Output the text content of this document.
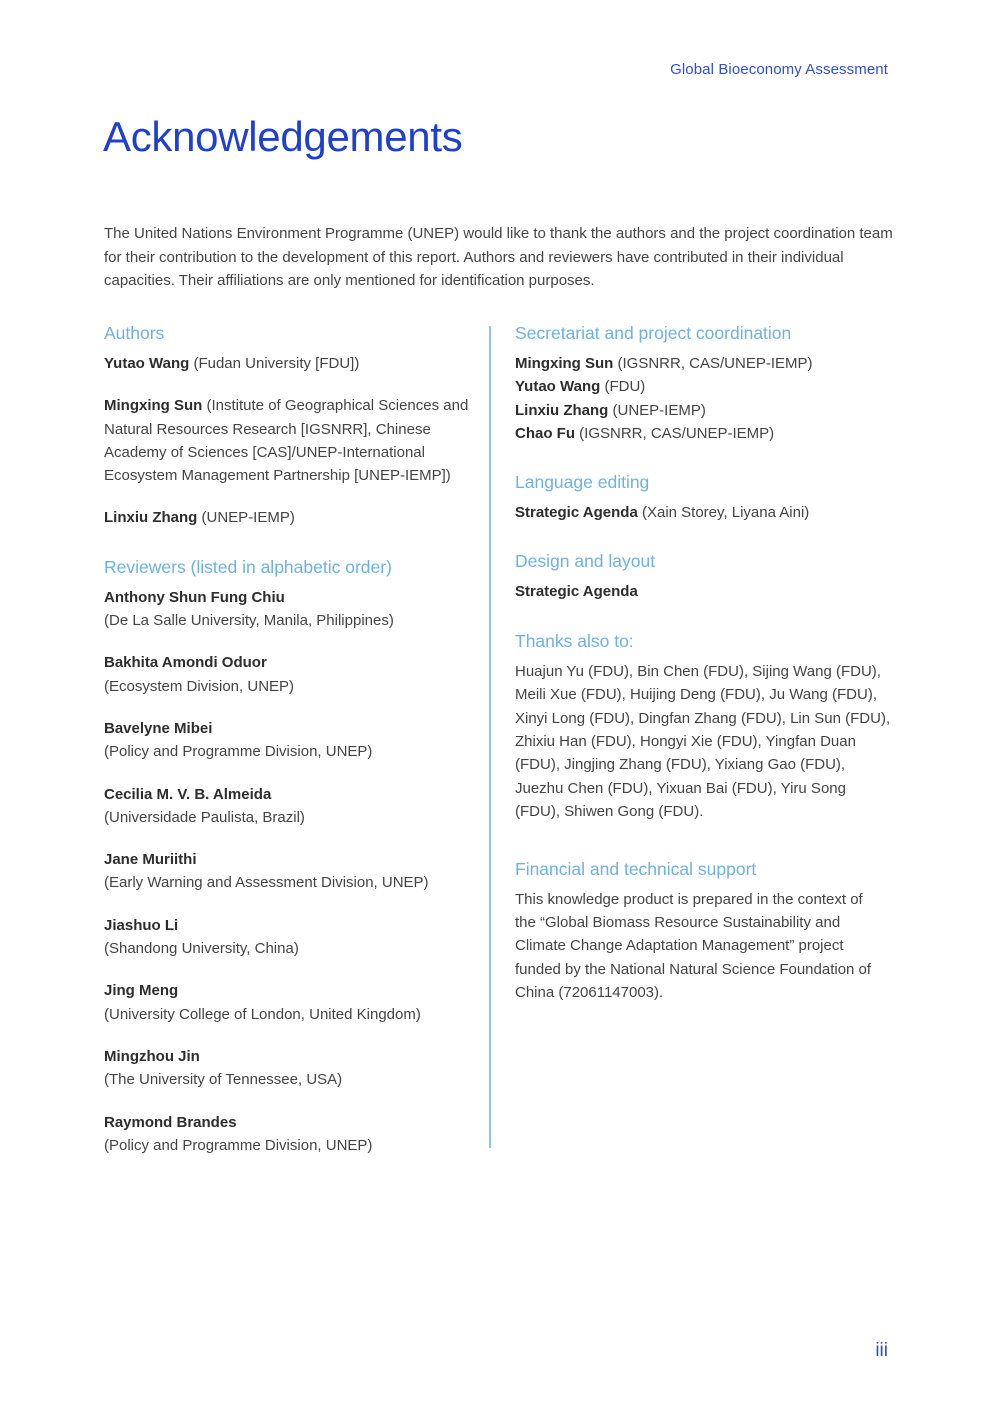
Global Bioeconomy Assessment
Acknowledgements

The United Nations Environment Programme (UNEP) would like to thank the authors and the project coordination team for their contribution to the development of this report. Authors and reviewers have contributed in their individual capacities. Their affiliations are only mentioned for identification purposes.

Authors

Yutao Wang (Fudan University [FDU])

Mingxing Sun (Institute of Geographical Sciences and Natural Resources Research [IGSNRR], Chinese Academy of Sciences [CAS]/UNEP-International Ecosystem Management Partnership [UNEP-IEMP])

Linxiu Zhang (UNEP-IEMP)

Reviewers (listed in alphabetic order)

Anthony Shun Fung Chiu
(De La Salle University, Manila, Philippines)

Bakhita Amondi Oduor
(Ecosystem Division, UNEP)

Bavelyne Mibei
(Policy and Programme Division, UNEP)

Cecilia M. V. B. Almeida
(Universidade Paulista, Brazil)

Jane Muriithi
(Early Warning and Assessment Division, UNEP)

Jiashuo Li
(Shandong University, China)

Jing Meng
(University College of London, United Kingdom)

Mingzhou Jin
(The University of Tennessee, USA)

Raymond Brandes
(Policy and Programme Division, UNEP)

Secretariat and project coordination

Mingxing Sun (IGSNRR, CAS/UNEP-IEMP)
Yutao Wang (FDU)
Linxiu Zhang (UNEP-IEMP)
Chao Fu (IGSNRR, CAS/UNEP-IEMP)

Language editing

Strategic Agenda (Xain Storey, Liyana Aini)

Design and layout

Strategic Agenda

Thanks also to:

Huajun Yu (FDU), Bin Chen (FDU), Sijing Wang (FDU), Meili Xue (FDU), Huijing Deng (FDU), Ju Wang (FDU), Xinyi Long (FDU), Dingfan Zhang (FDU), Lin Sun (FDU), Zhixiu Han (FDU), Hongyi Xie (FDU), Yingfan Duan (FDU), Jingjing Zhang (FDU), Yixiang Gao (FDU), Juezhu Chen (FDU), Yixuan Bai (FDU), Yiru Song (FDU), Shiwen Gong (FDU).

Financial and technical support

This knowledge product is prepared in the context of the “Global Biomass Resource Sustainability and Climate Change Adaptation Management” project funded by the National Natural Science Foundation of China (72061147003).

iii
